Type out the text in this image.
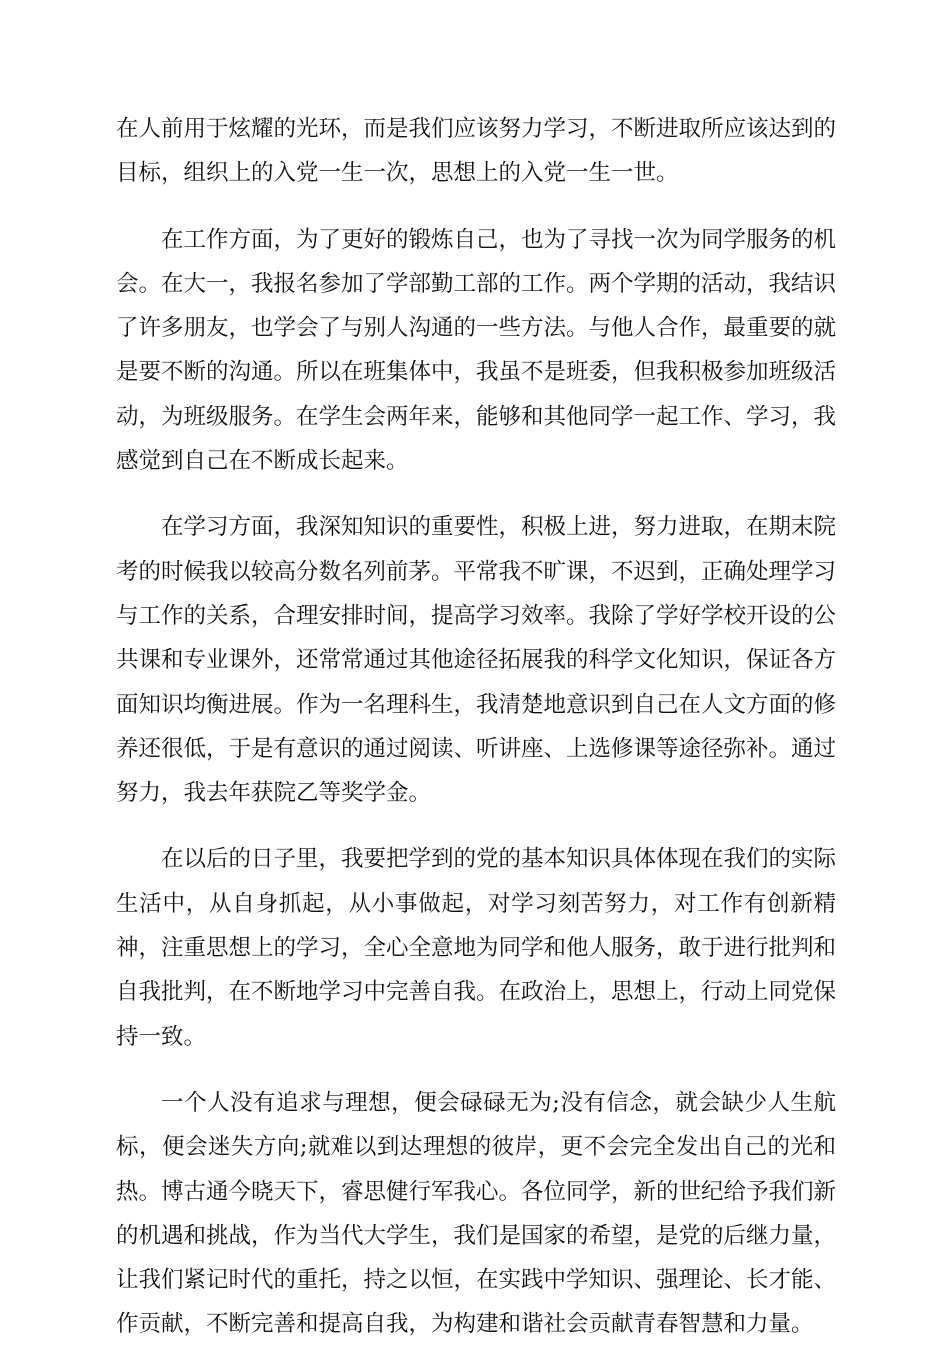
在人前用于炫耀的光环，而是我们应该努力学习，不断进取所应该达到的目标，组织上的入党一生一次，思想上的入党一生一世。

在工作方面，为了更好的锻炼自己，也为了寻找一次为同学服务的机会。在大一，我报名参加了学部勤工部的工作。两个学期的活动，我结识了许多朋友，也学会了与别人沟通的一些方法。与他人合作，最重要的就是要不断的沟通。所以在班集体中，我虽不是班委，但我积极参加班级活动，为班级服务。在学生会两年来，能够和其他同学一起工作、学习，我感觉到自己在不断成长起来。

在学习方面，我深知知识的重要性，积极上进，努力进取，在期末院考的时候我以较高分数名列前茅。平常我不旷课，不迟到，正确处理学习与工作的关系，合理安排时间，提高学习效率。我除了学好学校开设的公共课和专业课外，还常常通过其他途径拓展我的科学文化知识，保证各方面知识均衡进展。作为一名理科生，我清楚地意识到自己在人文方面的修养还很低，于是有意识的通过阅读、听讲座、上选修课等途径弥补。通过努力，我去年获院乙等奖学金。

在以后的日子里，我要把学到的党的基本知识具体体现在我们的实际生活中，从自身抓起，从小事做起，对学习刻苦努力，对工作有创新精神，注重思想上的学习，全心全意地为同学和他人服务，敢于进行批判和自我批判，在不断地学习中完善自我。在政治上，思想上，行动上同党保持一致。

一个人没有追求与理想，便会碌碌无为;没有信念，就会缺少人生航标，便会迷失方向;就难以到达理想的彼岸，更不会完全发出自己的光和热。博古通今晓天下，睿思健行军我心。各位同学，新的世纪给予我们新的机遇和挑战，作为当代大学生，我们是国家的希望，是党的后继力量，让我们紧记时代的重托，持之以恒，在实践中学知识、强理论、长才能、作贡献，不断完善和提高自我，为构建和谐社会贡献青春智慧和力量。
